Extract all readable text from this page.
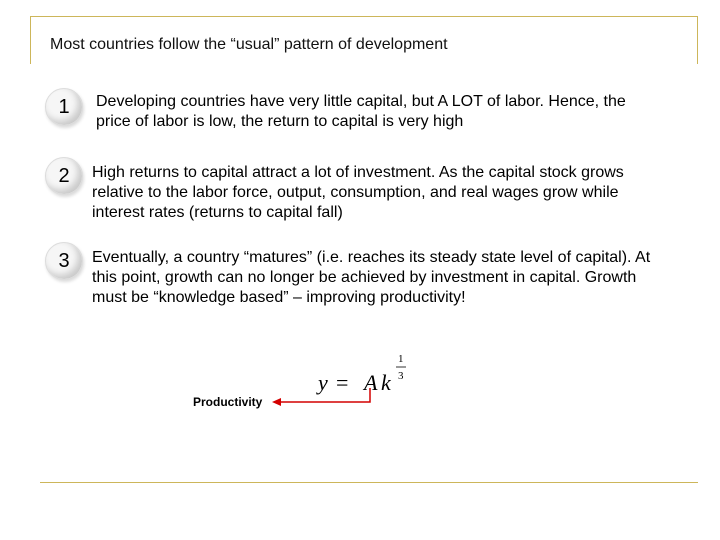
Most countries follow the “usual” pattern of development
1	Developing countries have very little capital, but A LOT of labor. Hence, the price of labor is low, the return to capital is very high
2	High returns to capital attract a lot of investment. As the capital stock grows relative to the labor force, output, consumption, and real wages grow while interest rates (returns to capital fall)
3	Eventually, a country “matures” (i.e. reaches its steady state level of capital). At this point, growth can no longer be achieved by investment in capital. Growth must be “knowledge based” – improving productivity!
y = A k
1
3
Productivity
